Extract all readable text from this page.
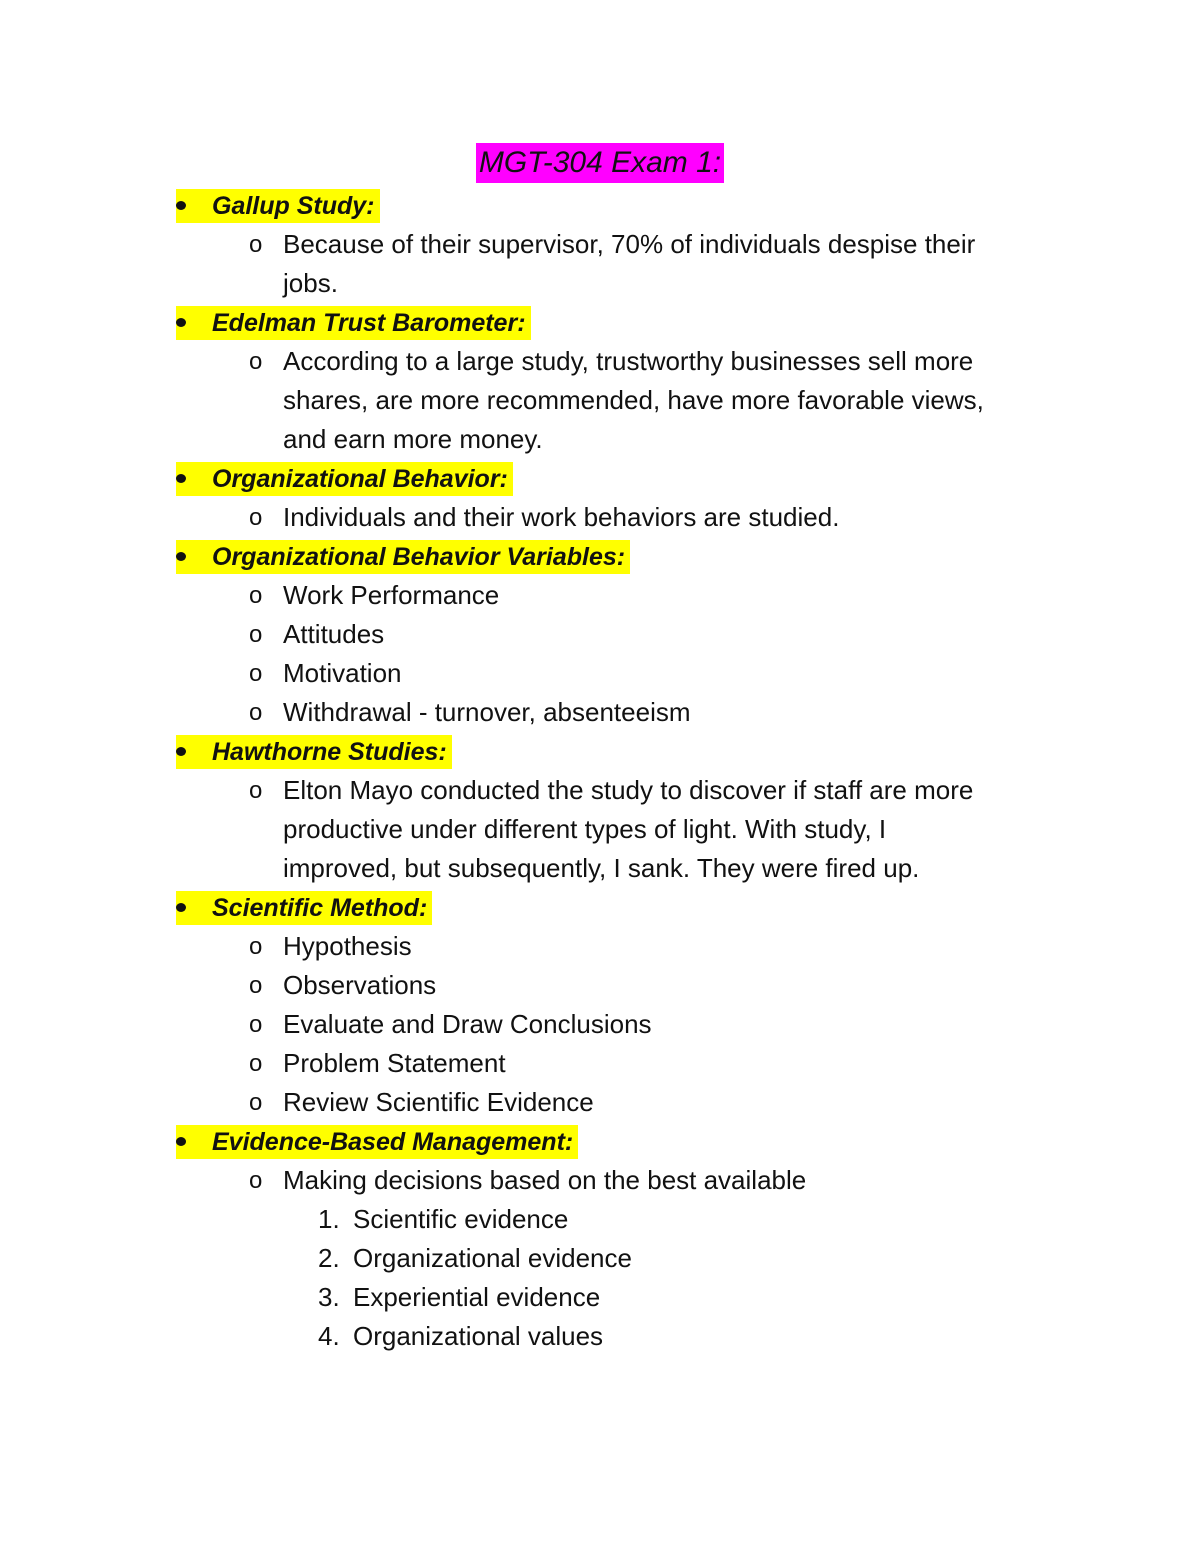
MGT-304 Exam 1:
Gallup Study:
o Because of their supervisor, 70% of individuals despise their
jobs.
Edelman Trust Barometer:
o According to a large study, trustworthy businesses sell more
shares, are more recommended, have more favorable views,
and earn more money.
Organizational Behavior:
o Individuals and their work behaviors are studied.
Organizational Behavior Variables:
o Work Performance
o Attitudes
o Motivation
o Withdrawal - turnover, absenteeism
Hawthorne Studies:
o Elton Mayo conducted the study to discover if staff are more
productive under different types of light. With study, I
improved, but subsequently, I sank. They were fired up.
Scientific Method:
o Hypothesis
o Observations
o Evaluate and Draw Conclusions
o Problem Statement
o Review Scientific Evidence
Evidence-Based Management:
o Making decisions based on the best available
1. Scientific evidence
2. Organizational evidence
3. Experiential evidence
4. Organizational values
